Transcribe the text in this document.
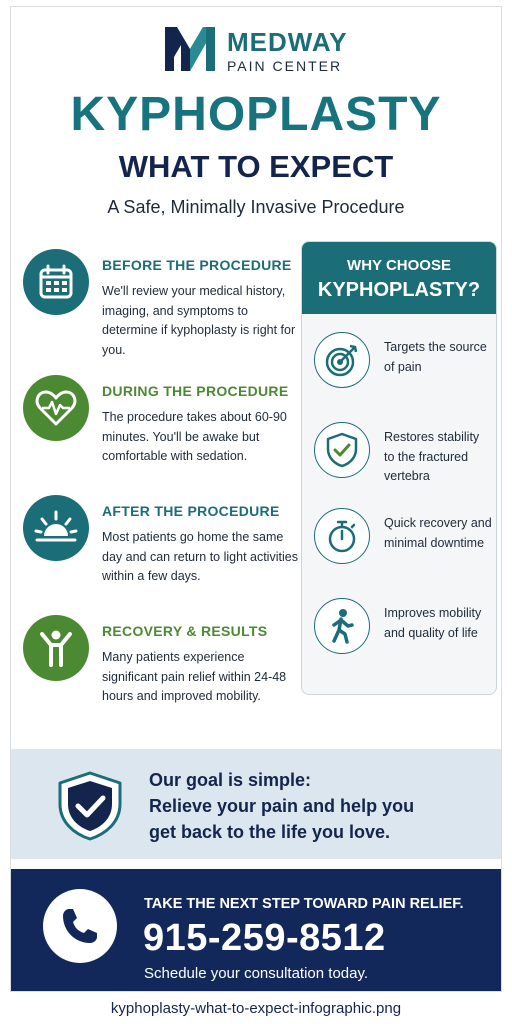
MEDWAY
PAIN CENTER
KYPHOPLASTY
WHAT TO EXPECT
A Safe, Minimally Invasive Procedure
BEFORE THE PROCEDURE
We'll review your medical history, imaging, and symptoms to determine if kyphoplasty is right for you.
DURING THE PROCEDURE
The procedure takes about 60-90 minutes. You'll be awake but comfortable with sedation.
AFTER THE PROCEDURE
Most patients go home the same day and can return to light activities within a few days.
RECOVERY & RESULTS
Many patients experience significant pain relief within 24-48 hours and improved mobility.
WHY CHOOSE
KYPHOPLASTY?
Targets the source of pain
Restores stability to the fractured vertebra
Quick recovery and minimal downtime
Improves mobility and quality of life
Our goal is simple:
Relieve your pain and help you
get back to the life you love.
TAKE THE NEXT STEP TOWARD PAIN RELIEF.
915-259-8512
Schedule your consultation today.
kyphoplasty-what-to-expect-infographic.png
